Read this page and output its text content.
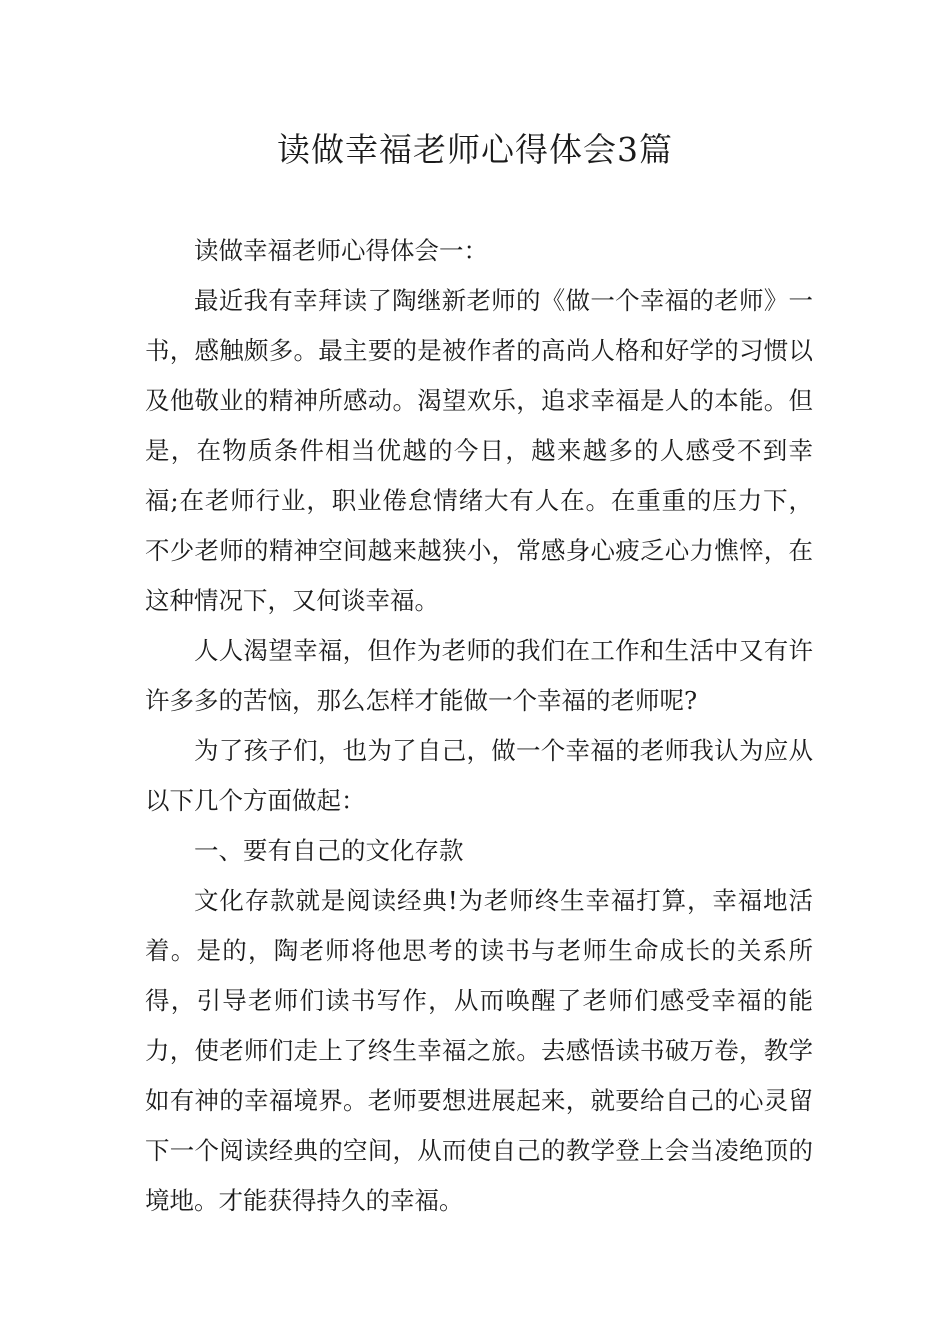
读做幸福老师心得体会3篇

读做幸福老师心得体会一：

最近我有幸拜读了陶继新老师的《做一个幸福的老师》一书，感触颇多。最主要的是被作者的高尚人格和好学的习惯以及他敬业的精神所感动。渴望欢乐，追求幸福是人的本能。但是，在物质条件相当优越的今日，越来越多的人感受不到幸福;在老师行业，职业倦怠情绪大有人在。在重重的压力下，不少老师的精神空间越来越狭小，常感身心疲乏心力憔悴，在这种情况下，又何谈幸福。

人人渴望幸福，但作为老师的我们在工作和生活中又有许许多多的苦恼，那么怎样才能做一个幸福的老师呢?

为了孩子们，也为了自己，做一个幸福的老师我认为应从以下几个方面做起：

一、要有自己的文化存款

文化存款就是阅读经典!为老师终生幸福打算，幸福地活着。是的，陶老师将他思考的读书与老师生命成长的关系所得，引导老师们读书写作，从而唤醒了老师们感受幸福的能力，使老师们走上了终生幸福之旅。去感悟读书破万卷，教学如有神的幸福境界。老师要想进展起来，就要给自己的心灵留下一个阅读经典的空间，从而使自己的教学登上会当凌绝顶的境地。才能获得持久的幸福。
